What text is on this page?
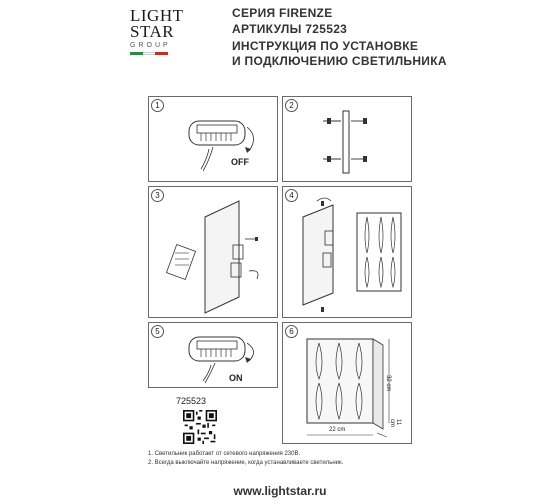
LIGHT
STAR
GROUP
СЕРИЯ FIRENZE
АРТИКУЛЫ 725523
ИНСТРУКЦИЯ ПО УСТАНОВКЕ
И ПОДКЛЮЧЕНИЮ СВЕТИЛЬНИКА
1
OFF
2
3	4
5
ON
6
32 cm
22 cm
11 cm
725523
1. Светильник работает от сетевого напряжения 230В.
2. Всегда выключайте напряжение, когда устанавливаете светильник.
www.lightstar.ru
